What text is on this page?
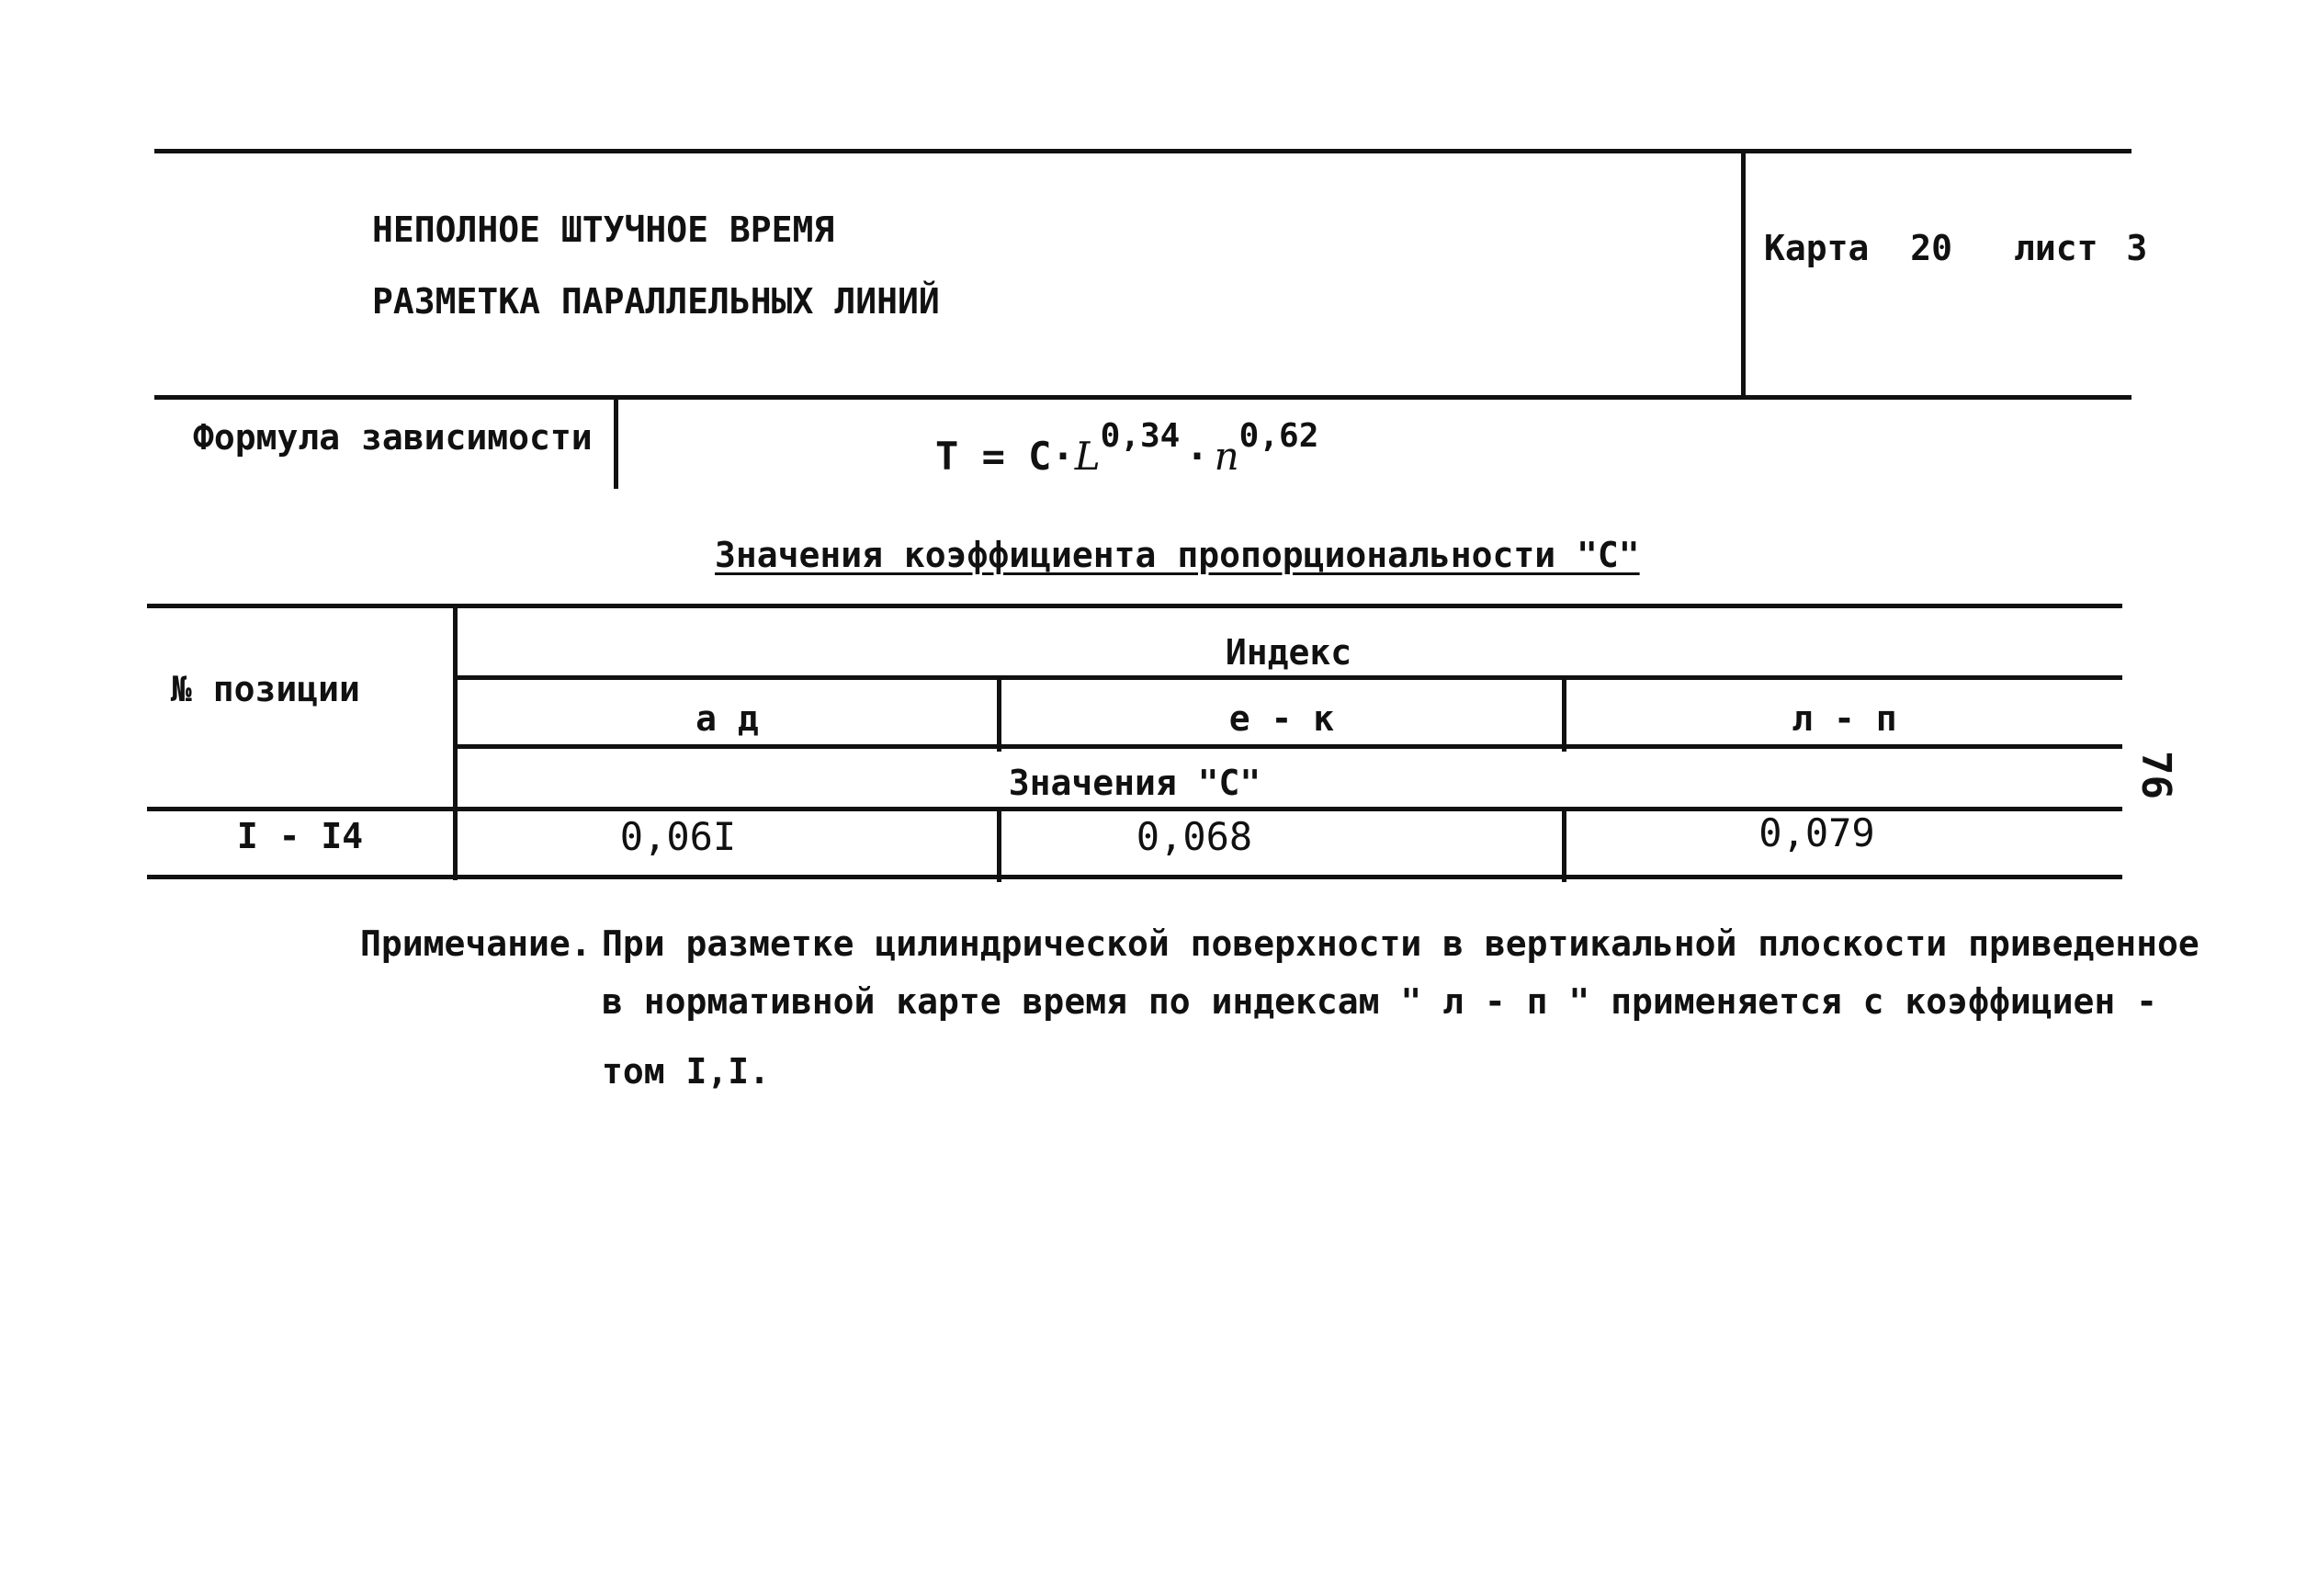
НЕПОЛНОЕ ШТУЧНОЕ ВРЕМЯ
РАЗМЕТКА ПАРАЛЛЕЛЬНЫХ ЛИНИЙ
Карта 20 лист 3
Формула зависимости	$T = C\cdot L^{0,34} \cdot n^{0,62}$
Значения коэффициента пропорциональности "С"
№ позиции
Индекс
а д	е - к	л - п
Значения "С"
I - I4	0,06I	0,068	0,079
Примечание. При разметке цилиндрической поверхности в вертикальной плоскости приведенное
в нормативной карте время по индексам " л - п " применяется с коэффициен -
том I,I.
76
